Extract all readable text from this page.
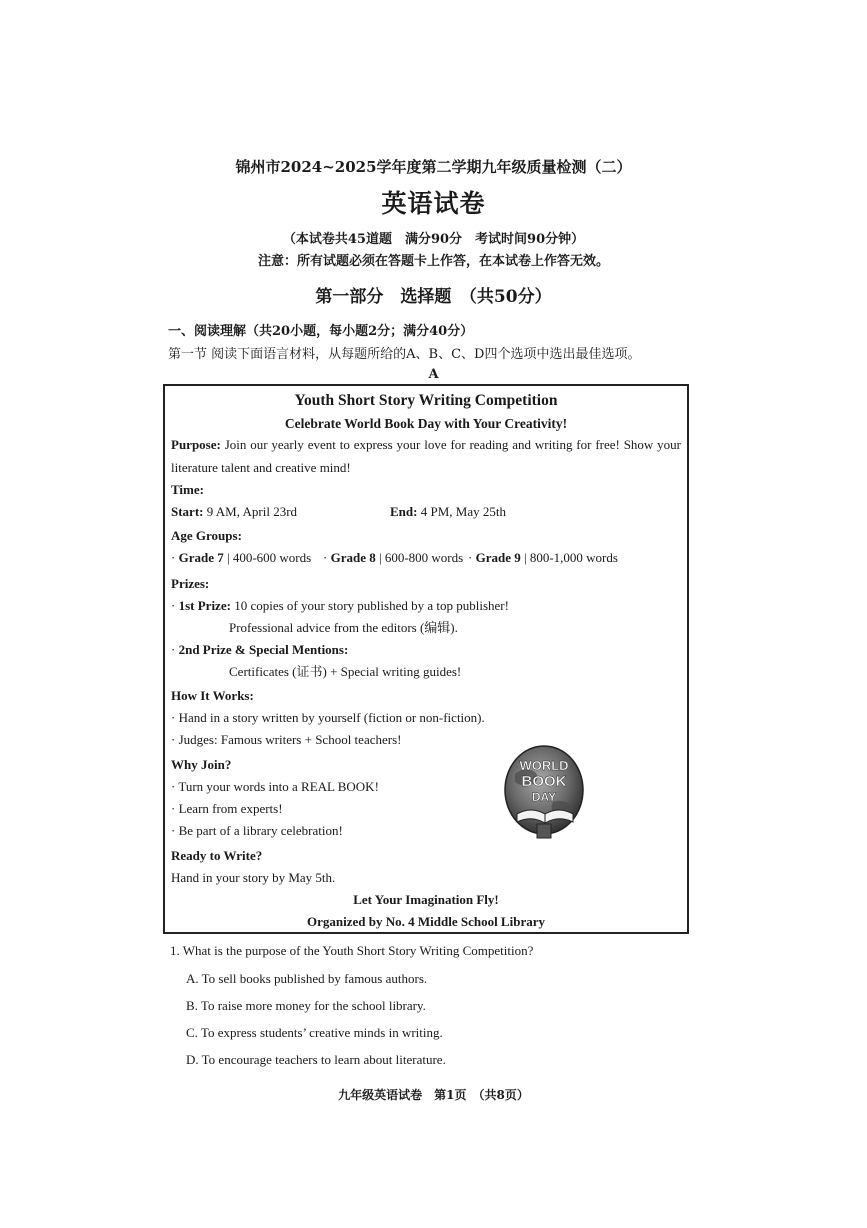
锦州市2024~2025学年度第二学期九年级质量检测（二）
英语试卷
（本试卷共45道题　满分90分　考试时间90分钟）
注意：所有试题必须在答题卡上作答，在本试卷上作答无效。
第一部分　选择题　（共50分）
一、阅读理解（共20小题，每小题2分；满分40分）
第一节 阅读下面语言材料，从每题所给的A、B、C、D四个选项中选出最佳选项。
A
Youth Short Story Writing Competition
Celebrate World Book Day with Your Creativity!
Purpose: Join our yearly event to express your love for reading and writing for free! Show your literature talent and creative mind!
Time:
Start: 9 AM, April 23rd	End: 4 PM, May 25th
Age Groups:
· Grade 7 | 400-600 words · Grade 8 | 600-800 words · Grade 9 | 800-1,000 words
Prizes:
· 1st Prize: 10 copies of your story published by a top publisher!
Professional advice from the editors (编辑).
· 2nd Prize & Special Mentions:
Certificates (证书) + Special writing guides!
How It Works:
· Hand in a story written by yourself (fiction or non-fiction).
· Judges: Famous writers + School teachers!
Why Join?
· Turn your words into a REAL BOOK!
· Learn from experts!
· Be part of a library celebration!
Ready to Write?
Hand in your story by May 5th.
Let Your Imagination Fly!
Organized by No. 4 Middle School Library
WORLD
BOOK
DAY
1. What is the purpose of the Youth Short Story Writing Competition?
A. To sell books published by famous authors.
B. To raise more money for the school library.
C. To express students’ creative minds in writing.
D. To encourage teachers to learn about literature.
九年级英语试卷　第1页　（共8页）
